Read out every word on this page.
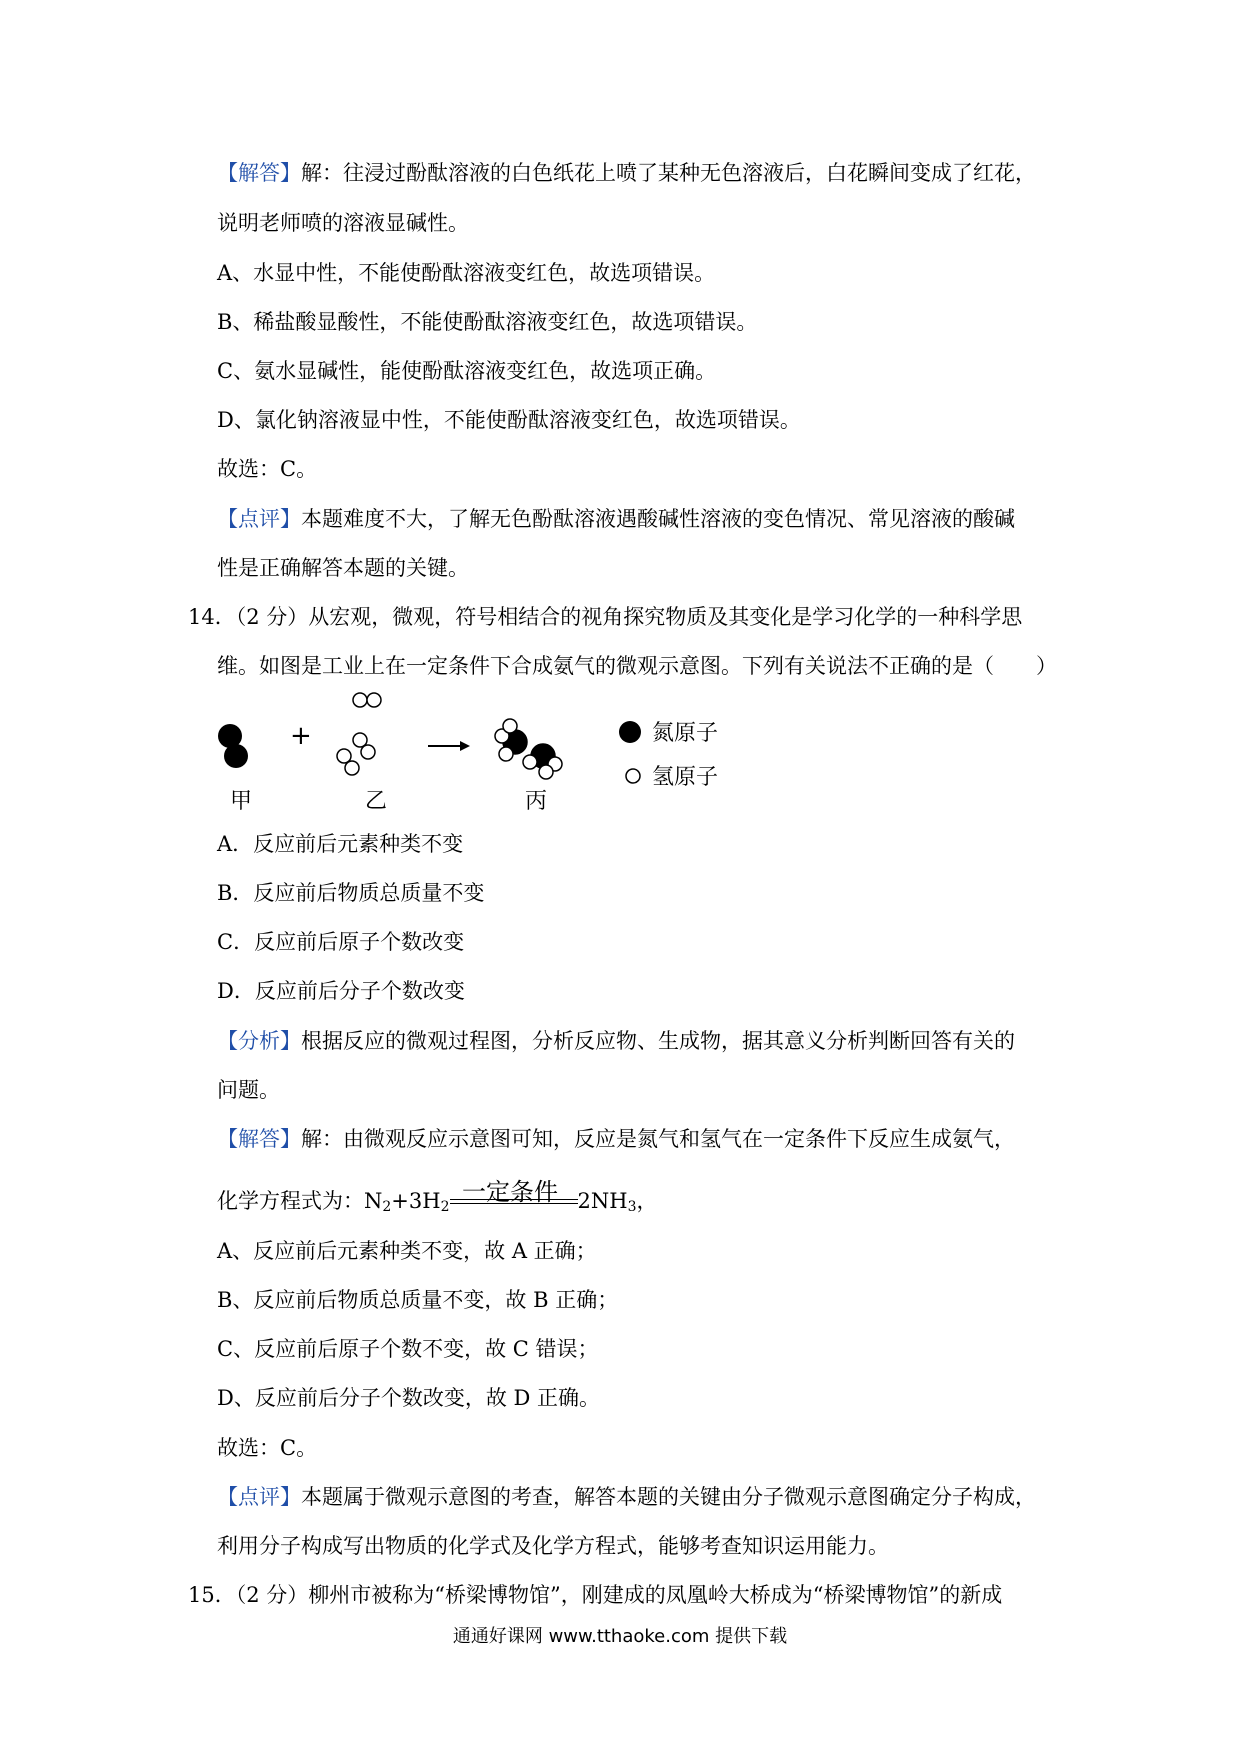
【解答】解：往浸过酚酞溶液的白色纸花上喷了某种无色溶液后，白花瞬间变成了红花，
说明老师喷的溶液显碱性。
A、水显中性，不能使酚酞溶液变红色，故选项错误。
B、稀盐酸显酸性，不能使酚酞溶液变红色，故选项错误。
C、氨水显碱性，能使酚酞溶液变红色，故选项正确。
D、氯化钠溶液显中性，不能使酚酞溶液变红色，故选项错误。
故选：C。
【点评】本题难度不大，了解无色酚酞溶液遇酸碱性溶液的变色情况、常见溶液的酸碱
性是正确解答本题的关键。
14．（2 分）从宏观，微观，符号相结合的视角探究物质及其变化是学习化学的一种科学思
维。如图是工业上在一定条件下合成氨气的微观示意图。下列有关说法不正确的是（　　）
+	氮原子
氢原子
甲	乙	丙
A．反应前后元素种类不变
B．反应前后物质总质量不变
C．反应前后原子个数改变
D．反应前后分子个数改变
【分析】根据反应的微观过程图，分析反应物、生成物，据其意义分析判断回答有关的
问题。
【解答】解：由微观反应示意图可知，反应是氮气和氢气在一定条件下反应生成氨气，
一定条件
化学方程式为：$N_2+3H_2$	$2NH_3$，
A、反应前后元素种类不变，故 A 正确；
B、反应前后物质总质量不变，故 B 正确；
C、反应前后原子个数不变，故 C 错误；
D、反应前后分子个数改变，故 D 正确。
故选：C。
【点评】本题属于微观示意图的考查，解答本题的关键由分子微观示意图确定分子构成，
利用分子构成写出物质的化学式及化学方程式，能够考查知识运用能力。
15．（2 分）柳州市被称为“桥梁博物馆”，刚建成的凤凰岭大桥成为“桥梁博物馆”的新成
通通好课网 www.tthaoke.com 提供下载
